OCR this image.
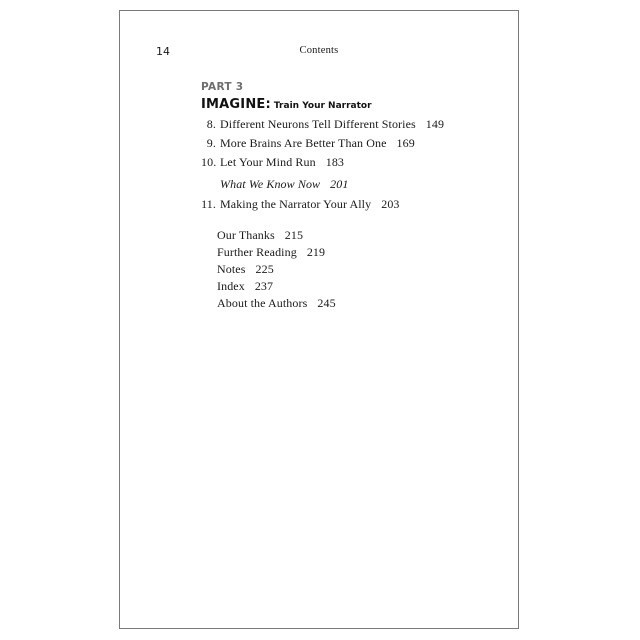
14	Contents
PART 3
IMAGINE: Train Your Narrator
8. Different Neurons Tell Different Stories 149
9. More Brains Are Better Than One 169
10. Let Your Mind Run 183
What We Know Now 201
11. Making the Narrator Your Ally 203
Our Thanks 215
Further Reading 219
Notes 225
Index 237
About the Authors 245
